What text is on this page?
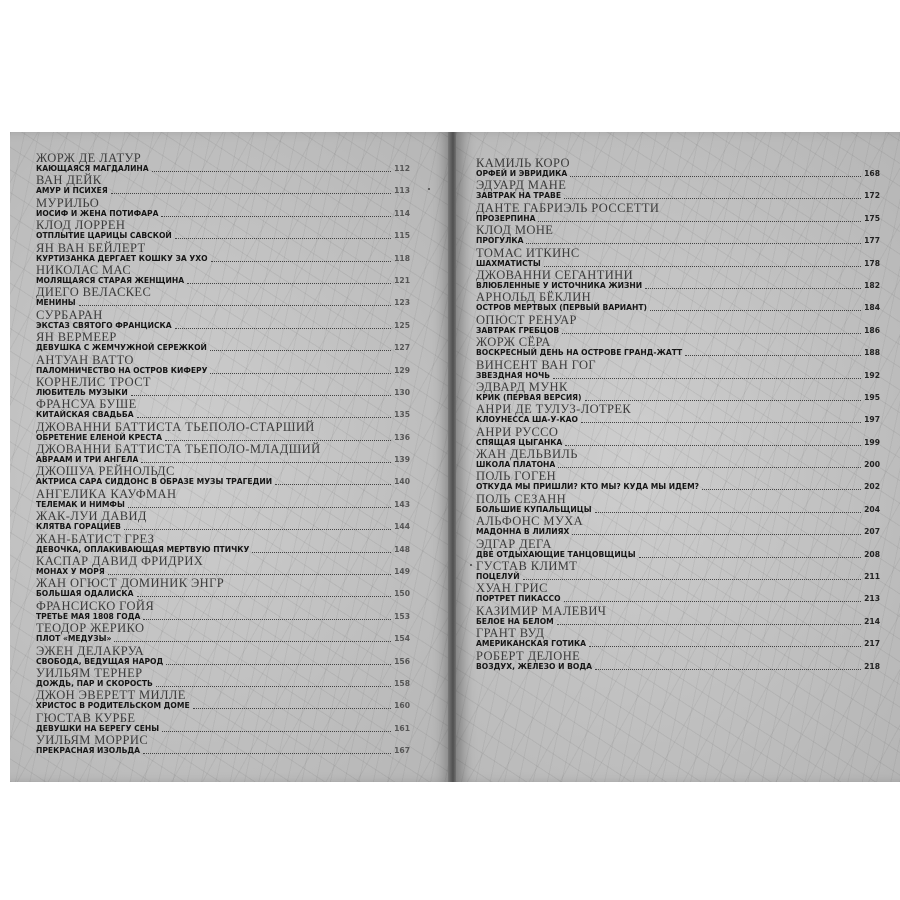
ЖОРЖ ДЕ ЛАТУР
КАЮЩАЯСЯ МАГДАЛИНА	112
ВАН ДЕЙК
АМУР И ПСИХЕЯ	113
МУРИЛЬО
ИОСИФ И ЖЕНА ПОТИФАРА	114
КЛОД ЛОРРЕН
ОТПЛЫТИЕ ЦАРИЦЫ САВСКОЙ	115
ЯН ВАН БЕЙЛЕРТ
КУРТИЗАНКА ДЕРГАЕТ КОШКУ ЗА УХО	118
НИКОЛАС МАС
МОЛЯЩАЯСЯ СТАРАЯ ЖЕНЩИНА	121
ДИЕГО ВЕЛАСКЕС
МЕНИНЫ	123
СУРБАРАН
ЭКСТАЗ СВЯТОГО ФРАНЦИСКА	125
ЯН ВЕРМЕЕР
ДЕВУШКА С ЖЕМЧУЖНОЙ СЕРЕЖКОЙ	127
АНТУАН ВАТТО
ПАЛОМНИЧЕСТВО НА ОСТРОВ КИФЕРУ	129
КОРНЕЛИС ТРОСТ
ЛЮБИТЕЛЬ МУЗЫКИ	130
ФРАНСУА БУШЕ
КИТАЙСКАЯ СВАДЬБА	135
ДЖОВАННИ БАТТИСТА ТЬЕПОЛО-СТАРШИЙ
ОБРЕТЕНИЕ ЕЛЕНОЙ КРЕСТА	136
ДЖОВАННИ БАТТИСТА ТЬЕПОЛО-МЛАДШИЙ
АВРААМ И ТРИ АНГЕЛА	139
ДЖОШУА РЕЙНОЛЬДС
АКТРИСА САРА СИДДОНС В ОБРАЗЕ МУЗЫ ТРАГЕДИИ	140
АНГЕЛИКА КАУФМАН
ТЕЛЕМАК И НИМФЫ	143
ЖАК-ЛУИ ДАВИД
КЛЯТВА ГОРАЦИЕВ	144
ЖАН-БАТИСТ ГРЕЗ
ДЕВОЧКА, ОПЛАКИВАЮЩАЯ МЕРТВУЮ ПТИЧКУ	148
КАСПАР ДАВИД ФРИДРИХ
МОНАХ У МОРЯ	149
ЖАН ОГЮСТ ДОМИНИК ЭНГР
БОЛЬШАЯ ОДАЛИСКА	150
ФРАНСИСКО ГОЙЯ
ТРЕТЬЕ МАЯ 1808 ГОДА	153
ТЕОДОР ЖЕРИКО
ПЛОТ «МЕДУЗЫ»	154
ЭЖЕН ДЕЛАКРУА
СВОБОДА, ВЕДУЩАЯ НАРОД	156
УИЛЬЯМ ТЕРНЕР
ДОЖДЬ, ПАР И СКОРОСТЬ	158
ДЖОН ЭВЕРЕТТ МИЛЛЕ
ХРИСТОС В РОДИТЕЛЬСКОМ ДОМЕ	160
ГЮСТАВ КУРБЕ
ДЕВУШКИ НА БЕРЕГУ СЕНЫ	161
УИЛЬЯМ МОРРИС
ПРЕКРАСНАЯ ИЗОЛЬДА	167
КАМИЛЬ КОРО
ОРФЕЙ И ЭВРИДИКА	168
ЭДУАРД МАНЕ
ЗАВТРАК НА ТРАВЕ	172
ДАНТЕ ГАБРИЭЛЬ РОССЕТТИ
ПРОЗЕРПИНА	175
КЛОД МОНЕ
ПРОГУЛКА	177
ТОМАС ИТКИНС
ШАХМАТИСТЫ	178
ДЖОВАННИ СЕГАНТИНИ
ВЛЮБЛЕННЫЕ У ИСТОЧНИКА ЖИЗНИ	182
АРНОЛЬД БЁКЛИН
ОСТРОВ МЕРТВЫХ (ПЕРВЫЙ ВАРИАНТ)	184
ОПЮСТ РЕНУАР
ЗАВТРАК ГРЕБЦОВ	186
ЖОРЖ СЁРА
ВОСКРЕСНЫЙ ДЕНЬ НА ОСТРОВЕ ГРАНД-ЖАТТ	188
ВИНСЕНТ ВАН ГОГ
ЗВЕЗДНАЯ НОЧЬ	192
ЭДВАРД МУНК
КРИК (ПЕРВАЯ ВЕРСИЯ)	195
АНРИ ДЕ ТУЛУЗ-ЛОТРЕК
КЛОУНЕССА ША-У-КАО	197
АНРИ РУССО
СПЯЩАЯ ЦЫГАНКА	199
ЖАН ДЕЛЬВИЛЬ
ШКОЛА ПЛАТОНА	200
ПОЛЬ ГОГЕН
ОТКУДА МЫ ПРИШЛИ? КТО МЫ? КУДА МЫ ИДЕМ?	202
ПОЛЬ СЕЗАНН
БОЛЬШИЕ КУПАЛЬЩИЦЫ	204
АЛЬФОНС МУХА
МАДОННА В ЛИЛИЯХ	207
ЭДГАР ДЕГА
ДВЕ ОТДЫХАЮЩИЕ ТАНЦОВЩИЦЫ	208
ГУСТАВ КЛИМТ
ПОЦЕЛУЙ	211
ХУАН ГРИС
ПОРТРЕТ ПИКАССО	213
КАЗИМИР МАЛЕВИЧ
БЕЛОЕ НА БЕЛОМ	214
ГРАНТ ВУД
АМЕРИКАНСКАЯ ГОТИКА	217
РОБЕРТ ДЕЛОНЕ
ВОЗДУХ, ЖЕЛЕЗО И ВОДА	218
